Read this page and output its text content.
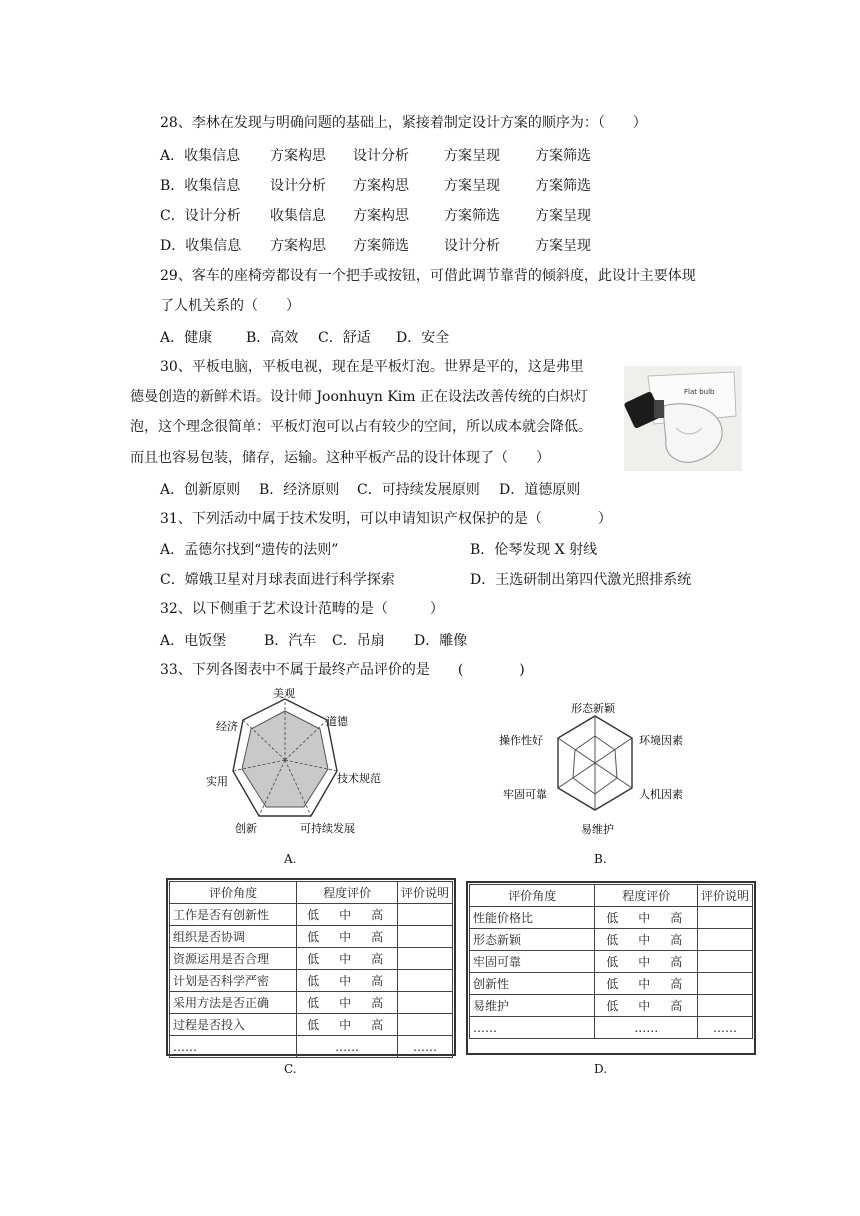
28、李林在发现与明确问题的基础上，紧接着制定设计方案的顺序为：（　　）
A．收集信息 方案构思 设计分析	方案呈现	方案筛选
B．收集信息 设计分析 方案构思	方案呈现	方案筛选
C．设计分析 收集信息 方案构思	方案筛选	方案呈现
D．收集信息 方案构思 方案筛选	设计分析	方案呈现
29、客车的座椅旁都设有一个把手或按钮，可借此调节靠背的倾斜度，此设计主要体现
了人机关系的（　　）
A．健康 B．高效 C．舒适 D．安全
30、平板电脑，平板电视，现在是平板灯泡。世界是平的，这是弗里
德曼创造的新鲜术语。设计师 Joonhuyn Kim 正在设法改善传统的白炽灯
泡，这个理念很简单：平板灯泡可以占有较少的空间，所以成本就会降低。
而且也容易包装，储存，运输。这种平板产品的设计体现了（　　）
Flat bulb
A．创新原则 B．经济原则 C．可持续发展原则 D．道德原则
31、下列活动中属于技术发明，可以申请知识产权保护的是（　　　　）
A．孟德尔找到“遗传的法则”	B．伦琴发现 X 射线
C．嫦娥卫星对月球表面进行科学探索	D．王选研制出第四代激光照排系统
32、以下侧重于艺术设计范畴的是（　　　）
A．电饭堡	B．汽车 C．吊扇 D．雕像
33、下列各图表中不属于最终产品评价的是　　(　　　　)
美观
道德
技术规范
可持续发展
创新
实用
经济
A.
形态新颖
环境因素
人机因素
易维护
牢固可靠
操作性好
B.
评价角度	程度评价	评价说明
工作是否有创新性	低　中　高	
组织是否协调	低　中　高	
资源运用是否合理	低　中　高	
计划是否科学严密	低　中　高	
采用方法是否正确	低　中　高	
过程是否投入	低　中　高	
……	……	……
C.
评价角度	程度评价	评价说明
性能价格比	低　中　高	
形态新颖	低　中　高	
牢固可靠	低　中　高	
创新性	低　中　高	
易维护	低　中　高	
……	……	……
D.
